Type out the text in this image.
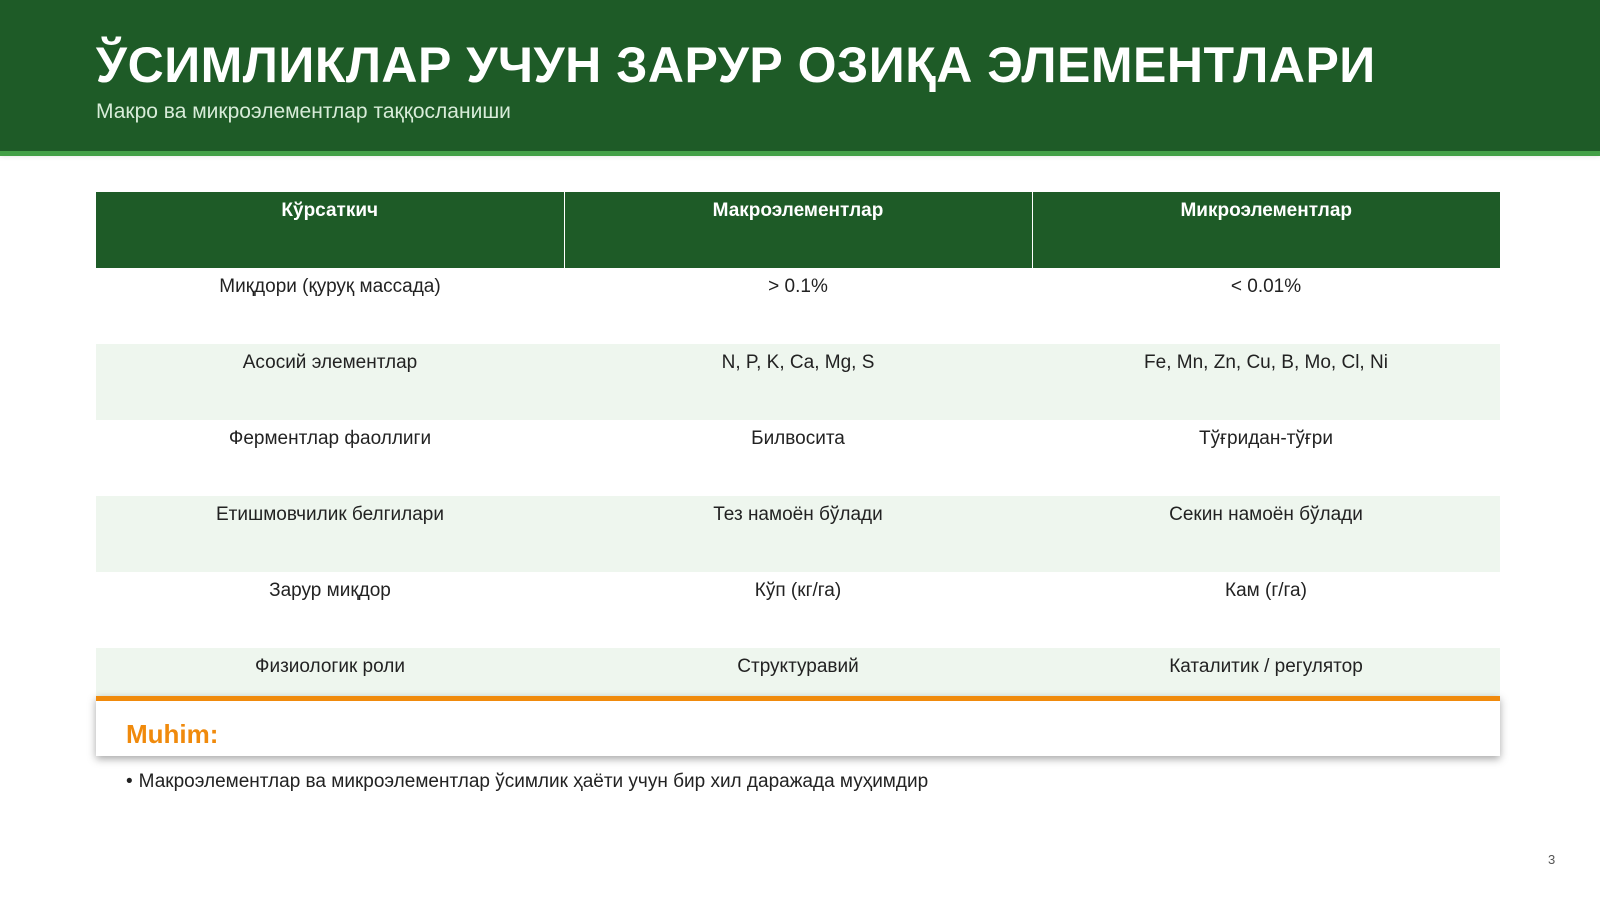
ЎСИМЛИКЛАР УЧУН ЗАРУР ОЗИҚА ЭЛЕМЕНТЛАРИ

Макро ва микроэлементлар таққосланиши

Кўрсаткич	Макроэлементлар	Микроэлементлар
Миқдори (қуруқ массада)	> 0.1%	< 0.01%
Асосий элементлар	N, P, K, Ca, Mg, S	Fe, Mn, Zn, Cu, B, Mo, Cl, Ni
Ферментлар фаоллиги	Билвосита	Тўғридан-тўғри
Етишмовчилик белгилари	Тез намоён бўлади	Секин намоён бўлади
Зарур миқдор	Кўп (кг/га)	Кам (г/га)
Физиологик роли	Структуравий	Каталитик / регулятор

Muhim:

• Макроэлементлар ва микроэлементлар ўсимлик ҳаёти учун бир хил даражада муҳимдир

3
